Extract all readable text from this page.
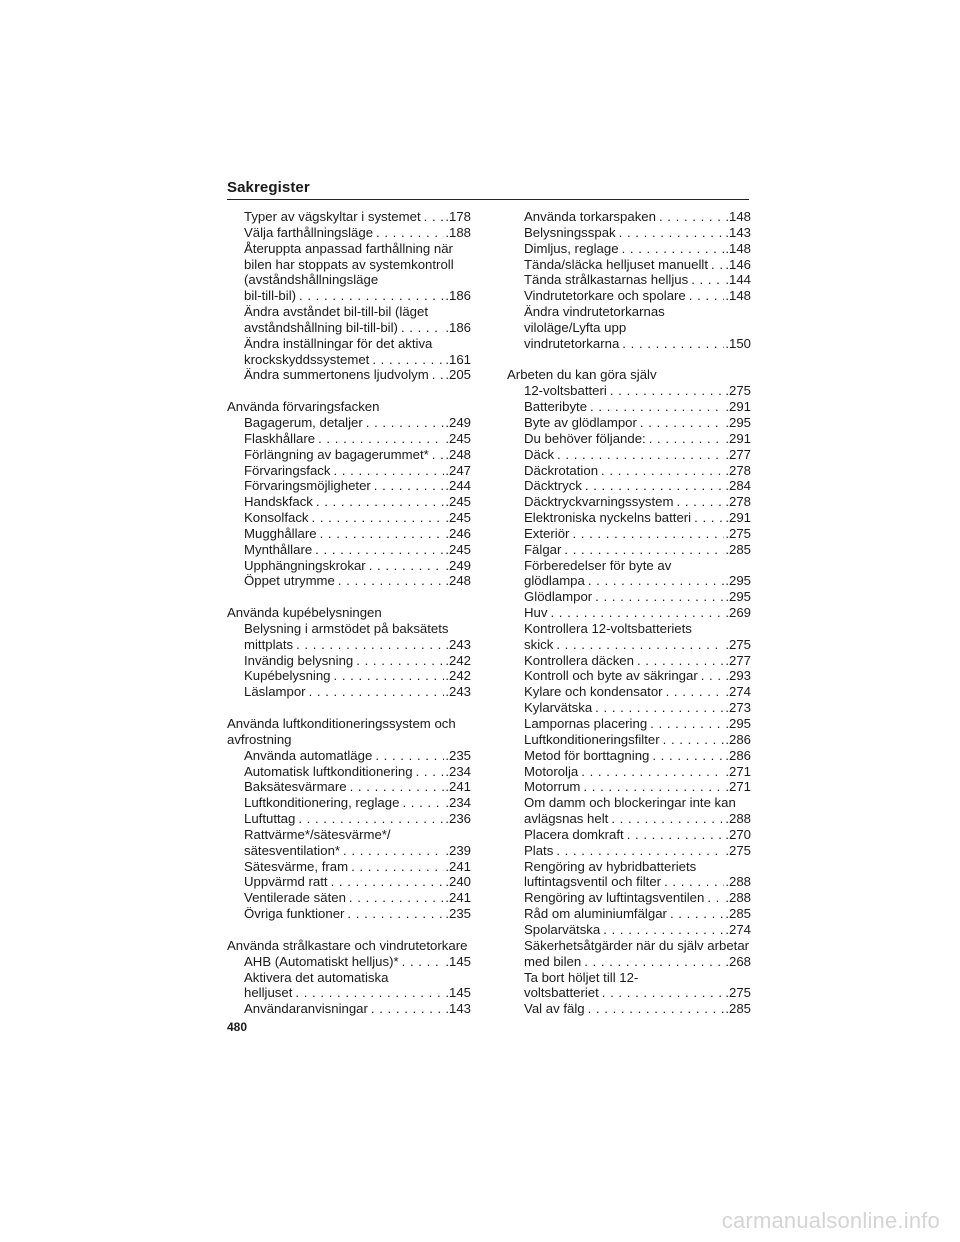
Sakregister
Typer av vägskyltar i systemet . . . .178
Välja farthållningsläge . . .	.188
Återuppta anpassad farthållning när
bilen har stoppats av systemkontroll
(avståndshållningsläge
bil-till-bil) . . .	.186
Ändra avståndet bil-till-bil (läget
avståndshållning bil-till-bil) . . .	.186
Ändra inställningar för det aktiva
krockskyddssystemet . . .	.161
Ändra summertonens ljudvolym . . . .205
Använda förvaringsfacken
Bagagerum, detaljer . . .	.249
Flaskhållare . . .	.245
Förlängning av bagagerummet* . . . .248
Förvaringsfack . . .	.247
Förvaringsmöjligheter . . .	.244
Handskfack . . .	.245
Konsolfack . . .	.245
Mugghållare . . .	.246
Mynthållare . . .	.245
Upphängningskrokar . . .	.249
Öppet utrymme . . .	.248
Använda kupébelysningen
Belysning i armstödet på baksätets
mittplats . . .	.243
Invändig belysning . . .	.242
Kupébelysning . . .	.242
Läslampor . . .	.243
Använda luftkonditioneringssystem och
avfrostning
Använda automatläge . . .	.235
Automatisk luftkonditionering . . . .234
Baksätesvärmare . . .	.241
Luftkonditionering, reglage . . .	.234
Luftuttag . . .	.236
Rattvärme*/sätesvärme*/
sätesventilation* . . .	.239
Sätesvärme, fram . . .	.241
Uppvärmd ratt . . .	.240
Ventilerade säten . . .	.241
Övriga funktioner . . .	.235
Använda strålkastare och vindrutetorkare
AHB (Automatiskt helljus)* . . .	.145
Aktivera det automatiska
helljuset . . .	.145
Användaranvisningar . . .	.143
Använda torkarspaken . . .	.148
Belysningsspak . . .	.143
Dimljus, reglage . . .	.148
Tända/släcka helljuset manuellt . . . .146
Tända strålkastarnas helljus . . .	.144
Vindrutetorkare och spolare . . .	.148
Ändra vindrutetorkarnas
viloläge/Lyfta upp
vindrutetorkarna . . .	.150
Arbeten du kan göra själv
12-voltsbatteri . . .	.275
Batteribyte . . .	.291
Byte av glödlampor . . .	.295
Du behöver följande: . . .	.291
Däck . . .	.277
Däckrotation . . .	.278
Däcktryck . . .	.284
Däcktryckvarningssystem . . .	.278
Elektroniska nyckelns batteri . . .	.291
Exteriör . . .	.275
Fälgar . . .	.285
Förberedelser för byte av
glödlampa . . .	.295
Glödlampor . . .	.295
Huv . . .	.269
Kontrollera 12-voltsbatteriets
skick . . .	.275
Kontrollera däcken . . .	.277
Kontroll och byte av säkringar . . . .293
Kylare och kondensator . . .	.274
Kylarvätska . . .	.273
Lampornas placering . . .	.295
Luftkonditioneringsfilter . . .	.286
Metod för borttagning . . .	.286
Motorolja . . .	.271
Motorrum . . .	.271
Om damm och blockeringar inte kan
avlägsnas helt . . .	.288
Placera domkraft . . .	.270
Plats . . .	.275
Rengöring av hybridbatteriets
luftintagsventil och filter . . .	.288
Rengöring av luftintagsventilen . . . .288
Råd om aluminiumfälgar . . .	.285
Spolarvätska . . .	.274
Säkerhetsåtgärder när du själv arbetar
med bilen . . .	.268
Ta bort höljet till 12-
voltsbatteriet . . .	.275
Val av fälg . . .	.285
480
carmanualsonline.info
